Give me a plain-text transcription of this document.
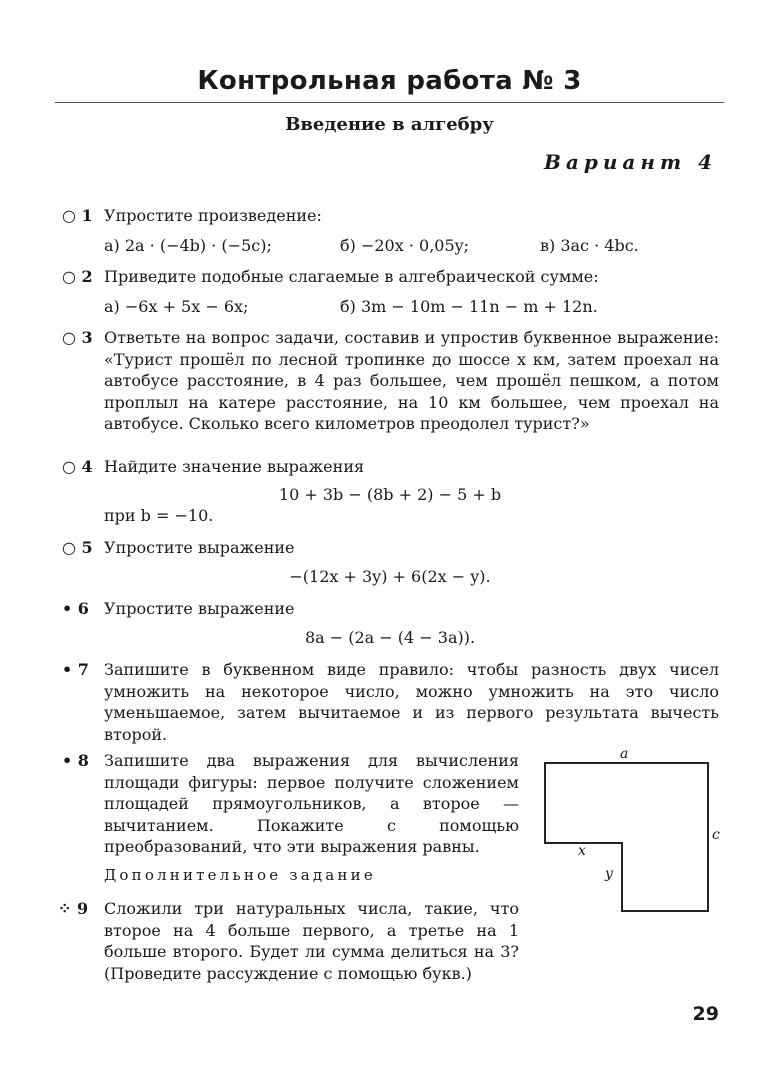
Контрольная работа № 3
Введение в алгебру
Вариант 4
○ 1 Упростите произведение:
а) 2a · (−4b) · (−5c);	б) −20x · 0,05y;	в) 3ac · 4bc.
○ 2 Приведите подобные слагаемые в алгебраической сумме:
а) −6x + 5x − 6x;	б) 3m − 10m − 11n − m + 12n.
○ 3 Ответьте на вопрос задачи, составив и упростив буквенное выражение: «Турист прошёл по лесной тропинке до шоссе x км, затем проехал на автобусе расстояние, в 4 раз большее, чем прошёл пешком, а потом проплыл на катере расстояние, на 10 км большее, чем проехал на автобусе. Сколько всего километров преодолел турист?»
○ 4 Найдите значение выражения
10 + 3b − (8b + 2) − 5 + b
при b = −10.
○ 5 Упростите выражение
−(12x + 3y) + 6(2x − y).
• 6 Упростите выражение
8a − (2a − (4 − 3a)).
• 7 Запишите в буквенном виде правило: чтобы разность двух чисел умножить на некоторое число, можно умножить на это число уменьшаемое, затем вычитаемое и из первого результата вычесть второй.
• 8 Запишите два выражения для вычисления площади фигуры: первое получите сложением площадей прямоугольников, а второе — вычитанием. Покажите с помощью преобразований, что эти выражения равны.
a
c
x
y
Дополнительное задание
⁘ 9 Сложили три натуральных числа, такие, что второе на 4 больше первого, а третье на 1 больше второго. Будет ли сумма делиться на 3? (Проведите рассуждение с помощью букв.)
29
